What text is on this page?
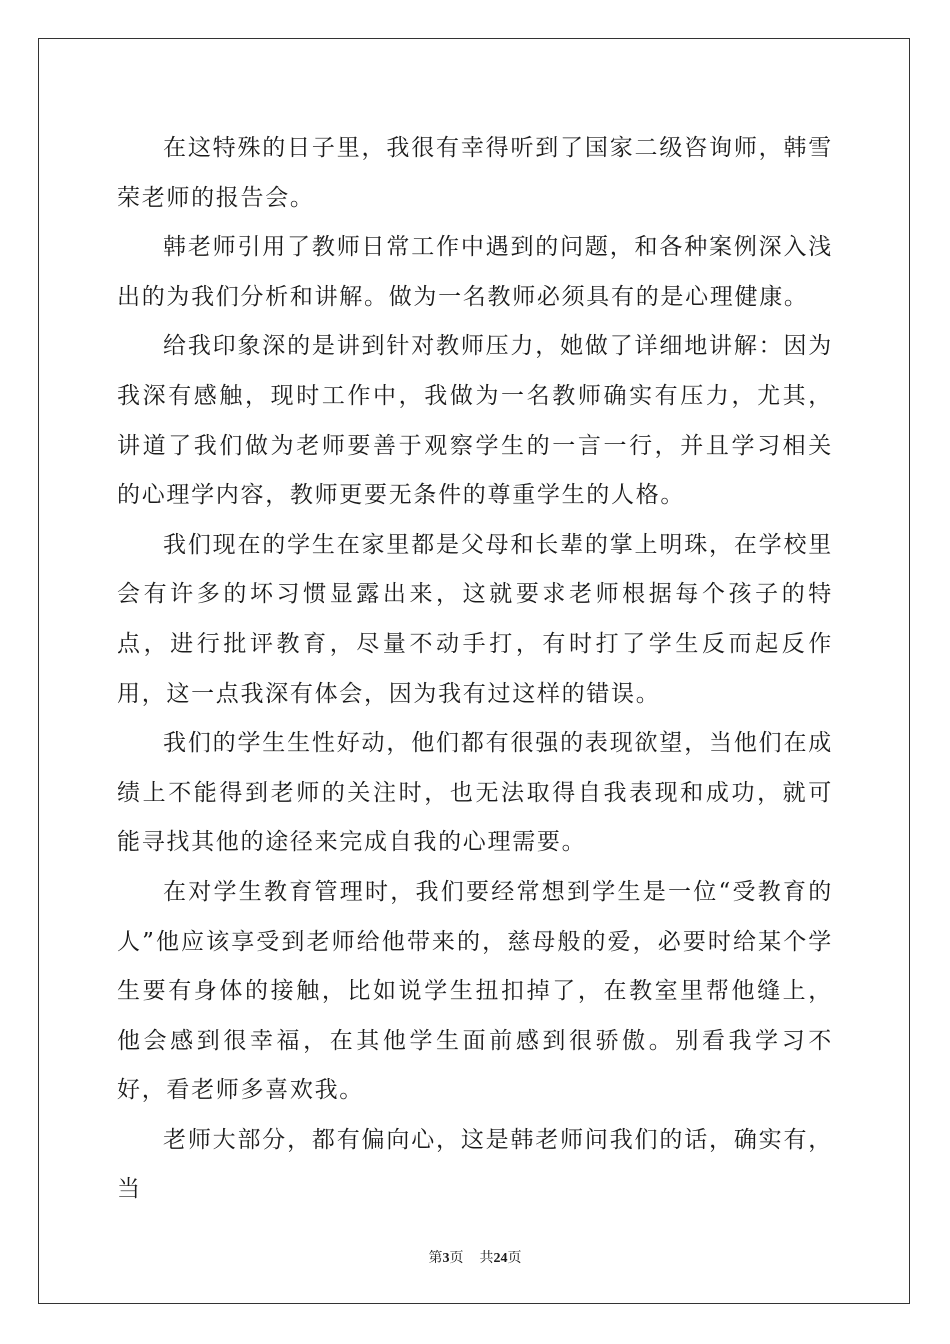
在这特殊的日子里，我很有幸得听到了国家二级咨询师，韩雪荣老师的报告会。

韩老师引用了教师日常工作中遇到的问题，和各种案例深入浅出的为我们分析和讲解。做为一名教师必须具有的是心理健康。

给我印象深的是讲到针对教师压力，她做了详细地讲解：因为我深有感触，现时工作中，我做为一名教师确实有压力，尤其，讲道了我们做为老师要善于观察学生的一言一行，并且学习相关的心理学内容，教师更要无条件的尊重学生的人格。

我们现在的学生在家里都是父母和长辈的掌上明珠，在学校里会有许多的坏习惯显露出来，这就要求老师根据每个孩子的特点，进行批评教育，尽量不动手打，有时打了学生反而起反作用，这一点我深有体会，因为我有过这样的错误。

我们的学生生性好动，他们都有很强的表现欲望，当他们在成绩上不能得到老师的关注时，也无法取得自我表现和成功，就可能寻找其他的途径来完成自我的心理需要。

在对学生教育管理时，我们要经常想到学生是一位“受教育的人”他应该享受到老师给他带来的，慈母般的爱，必要时给某个学生要有身体的接触，比如说学生扭扣掉了，在教室里帮他缝上，他会感到很幸福，在其他学生面前感到很骄傲。别看我学习不好，看老师多喜欢我。

老师大部分，都有偏向心，这是韩老师问我们的话，确实有，当

第3页 共24页
